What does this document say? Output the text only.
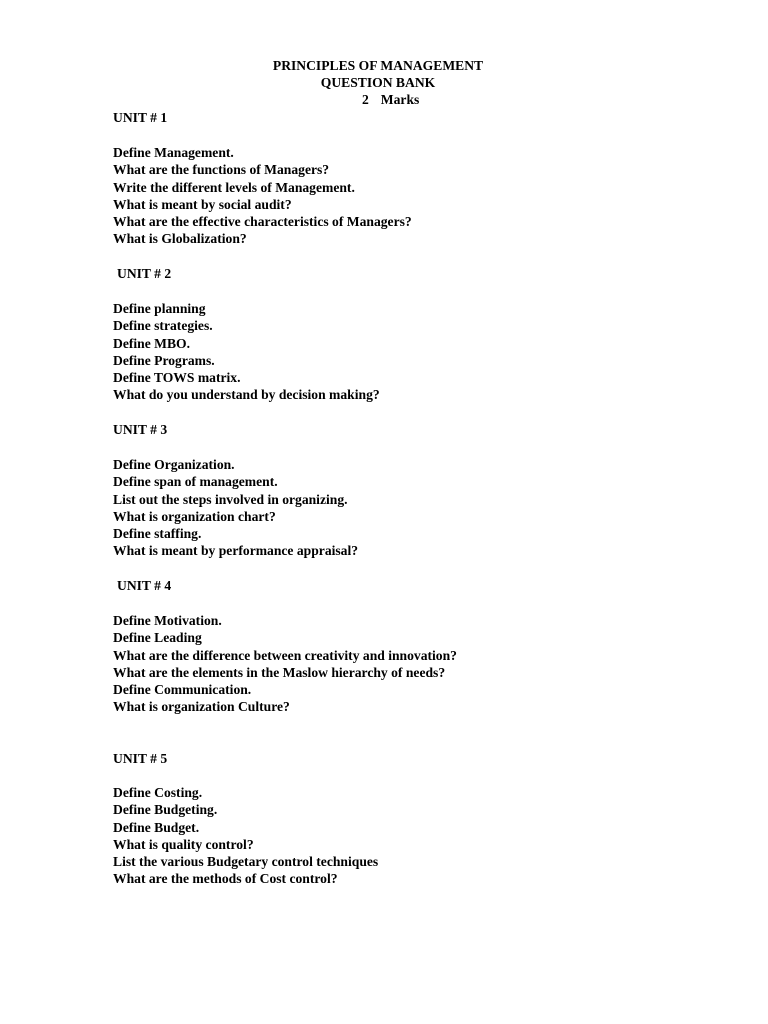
PRINCIPLES OF MANAGEMENT
QUESTION BANK
2 Marks
UNIT # 1
Define Management.
What are the functions of Managers?
Write the different levels of Management.
What is meant by social audit?
What are the effective characteristics of Managers?
What is Globalization?
UNIT # 2
Define planning
Define strategies.
Define MBO.
Define Programs.
Define TOWS matrix.
What do you understand by decision making?
UNIT # 3
Define Organization.
Define span of management.
List out the steps involved in organizing.
What is organization chart?
Define staffing.
What is meant by performance appraisal?
UNIT # 4
Define Motivation.
Define Leading
What are the difference between creativity and innovation?
What are the elements in the Maslow hierarchy of needs?
Define Communication.
What is organization Culture?
UNIT # 5
Define Costing.
Define Budgeting.
Define Budget.
What is quality control?
List the various Budgetary control techniques
What are the methods of Cost control?
